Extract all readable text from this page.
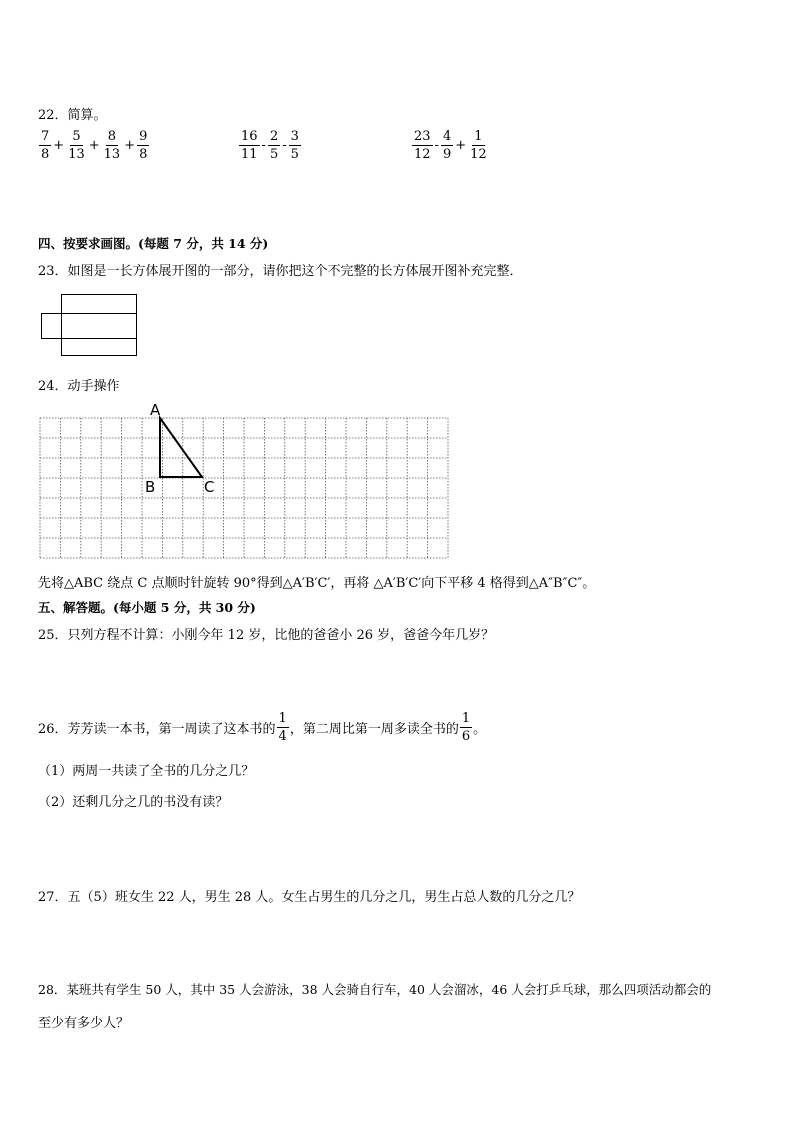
22．简算。
$\frac{7}{8} + \frac{5}{13} + \frac{8}{13} + \frac{9}{8}$	$\frac{16}{11} - \frac{2}{5} - \frac{3}{5}$	$\frac{23}{12} - \frac{4}{9} + \frac{1}{12}$
四、按要求画图。(每题 7 分，共 14 分)
23．如图是一长方体展开图的一部分，请你把这个不完整的长方体展开图补充完整．
24．动手操作
A
B	C
先将△ABC 绕点 C 点顺时针旋转 90°得到△A′B′C′，再将 △A′B′C′向下平移 4 格得到△A″B″C″。
五、解答题。(每小题 5 分，共 30 分)
25．只列方程不计算：小刚今年 12 岁，比他的爸爸小 26 岁，爸爸今年几岁？
26．芳芳读一本书，第一周读了这本书的 $\frac{1}{4}$ ，第二周比第一周多读全书的 $\frac{1}{6}$ 。
（1）两周一共读了全书的几分之几？
（2）还剩几分之几的书没有读？
27．五（5）班女生 22 人，男生 28 人。女生占男生的几分之几，男生占总人数的几分之几？
28．某班共有学生 50 人，其中 35 人会游泳，38 人会骑自行车，40 人会溜冰，46 人会打乒乓球，那么四项活动都会的
至少有多少人？
